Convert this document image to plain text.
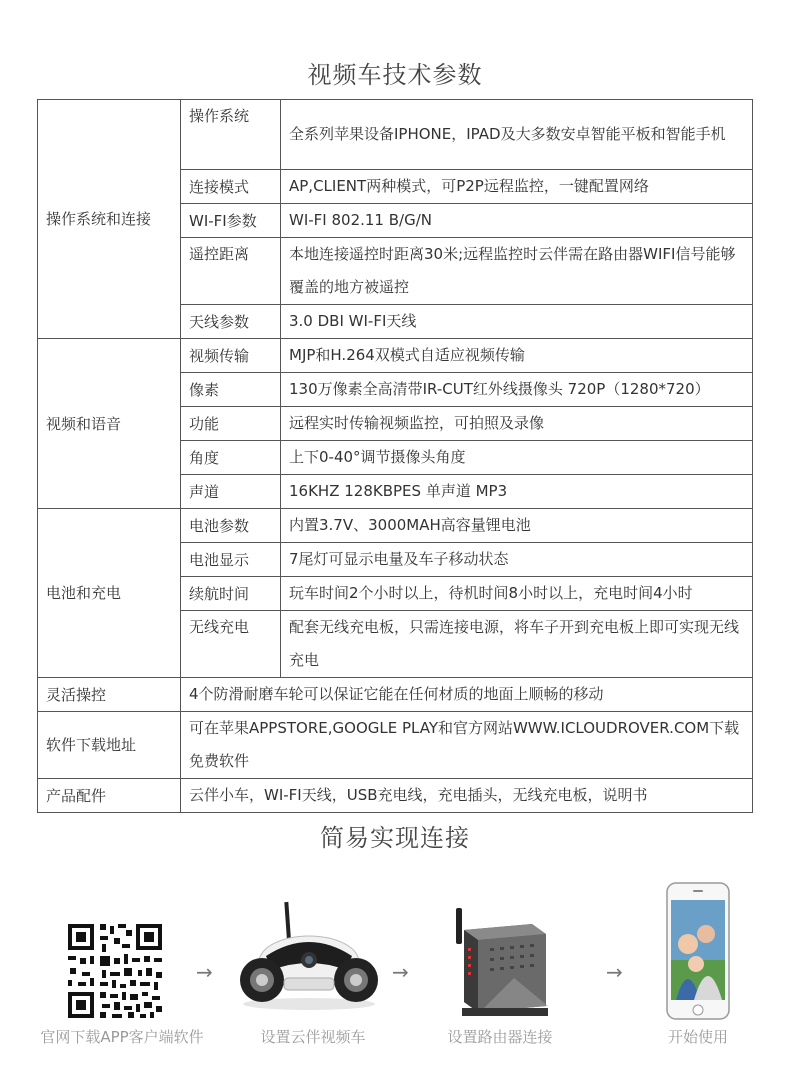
视频车技术参数
操作系统和连接	操作系统	全系列苹果设备IPHONE，IPAD及大多数安卓智能平板和智能手机
	连接模式	AP,CLIENT两种模式，可P2P远程监控，一键配置网络
	WI-FI参数	WI-FI 802.11 B/G/N
	遥控距离	本地连接遥控时距离30米;远程监控时云伴需在路由器WIFI信号能够覆盖的地方被遥控
	天线参数	3.0 DBI WI-FI天线

视频和语音	视频传输	MJP和H.264双模式自适应视频传输
	像素	130万像素全高清带IR-CUT红外线摄像头 720P（1280*720）
	功能	远程实时传输视频监控，可拍照及录像
	角度	上下0-40°调节摄像头角度
	声道	16KHZ 128KBPES 单声道 MP3
电池和充电	电池参数	内置3.7V、3000MAH高容量锂电池
	电池显示	7尾灯可显示电量及车子移动状态
	续航时间	玩车时间2个小时以上，待机时间8小时以上，充电时间4小时
	无线充电	配套无线充电板，只需连接电源，将车子开到充电板上即可实现无线充电
灵活操控	4个防滑耐磨车轮可以保证它能在任何材质的地面上顺畅的移动	
软件下载地址	可在苹果APPSTORE,GOOGLE PLAY和官方网站WWW.ICLOUDROVER.COM下载免费软件	
产品配件	云伴小车，WI-FI天线，USB充电线，充电插头，无线充电板，说明书	
简易实现连接
→	→	→
官网下载APP客户端软件	设置云伴视频车	设置路由器连接	开始使用
